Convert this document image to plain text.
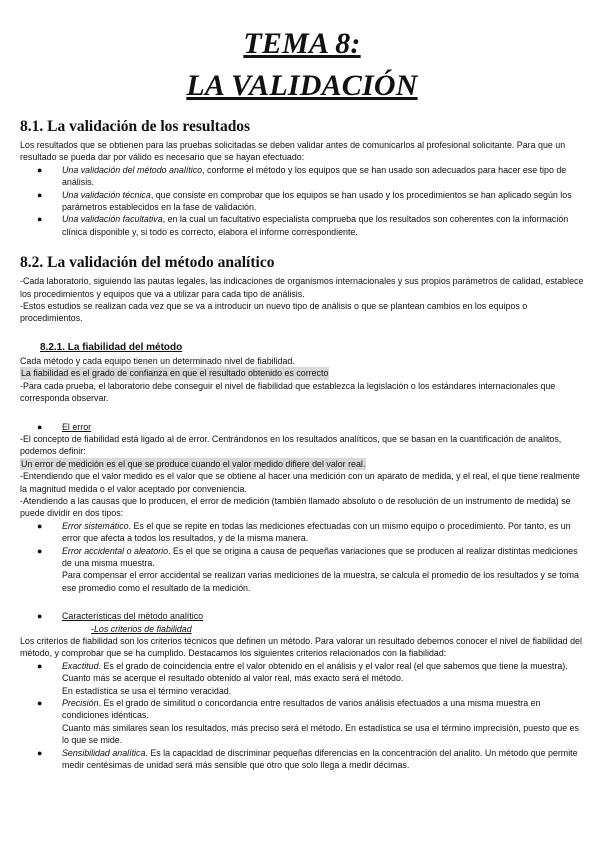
TEMA 8:
LA VALIDACIÓN
8.1. La validación de los resultados

Los resultados que se obtienen para las pruebas solicitadas se deben validar antes de comunicarlos al profesional solicitante. Para que un resultado se pueda dar por válido es necesario que se hayan efectuado:

● Una validación del método analítico, conforme el método y los equipos que se han usado son adecuados para hacer ese tipo de análisis.
● Una validación técnica, que consiste en comprobar que los equipos se han usado y los procedimientos se han aplicado según los parámetros establecidos en la fase de validación.
● Una validación facultativa, en la cual un facultativo especialista comprueba que los resultados son coherentes con la información clínica disponible y, si todo es correcto, elabora el informe correspondiente.
8.2. La validación del método analítico

-Cada laboratorio, siguiendo las pautas legales, las indicaciones de organismos internacionales y sus propios parámetros de calidad, establece los procedimientos y equipos que va a utilizar para cada tipo de análisis.

-Estos estudios se realizan cada vez que se va a introducir un nuevo tipo de análisis o que se plantean cambios en los equipos o procedimientos.

8.2.1. La fiabilidad del método

Cada método y cada equipo tienen un determinado nivel de fiabilidad.

La fiabilidad es el grado de confianza en que el resultado obtenido es correcto

-Para cada prueba, el laboratorio debe conseguir el nivel de fiabilidad que establezca la legislación o los estándares internacionales que corresponda observar.

● El error

-El concepto de fiabilidad está ligado al de error. Centrándonos en los resultados analíticos, que se basan en la cuantificación de analitos, podemos definir:

Un error de medición es el que se produce cuando el valor medido difiere del valor real.

-Entendiendo que el valor medido es el valor que se obtiene al hacer una medición con un aparato de medida, y el real, el que tiene realmente la magnitud medida o el valor aceptado por conveniencia.

-Atendiendo a las causas que lo producen, el error de medición (también llamado absoluto o de resolución de un instrumento de medida) se puede dividir en dos tipos:

● Error sistemático. Es el que se repite en todas las mediciones efectuadas con un mismo equipo o procedimiento. Por tanto, es un error que afecta a todos los resultados, y de la misma manera.
● Error accidental o aleatorio. Es el que se origina a causa de pequeñas variaciones que se producen al realizar distintas mediciones de una misma muestra.

Para compensar el error accidental se realizan varias mediciones de la muestra, se calcula el promedio de los resultados y se toma ese promedio como el resultado de la medición.

● Características del método analítico
-Los criterios de fiabilidad

Los criterios de fiabilidad son los criterios técnicos que definen un método. Para valorar un resultado debemos conocer el nivel de fiabilidad del método, y comprobar que se ha cumplido. Destacamos los siguientes criterios relacionados con la fiabilidad:

● Exactitud. Es el grado de coincidencia entre el valor obtenido en el análisis y el valor real (el que sabemos que tiene la muestra). Cuanto más se acerque el resultado obtenido al valor real, más exacto será el método.
En estadística se usa el término veracidad.
● Precisión. Es el grado de similitud o concordancia entre resultados de varios análisis efectuados a una misma muestra en condiciones idénticas.
Cuanto más similares sean los resultados, más preciso será el método. En estadística se usa el término imprecisión, puesto que es lo que se mide.
● Sensibilidad analítica. Es la capacidad de discriminar pequeñas diferencias en la concentración del analito. Un método que permite medir centésimas de unidad será más sensible que otro que solo llega a medir décimas.
